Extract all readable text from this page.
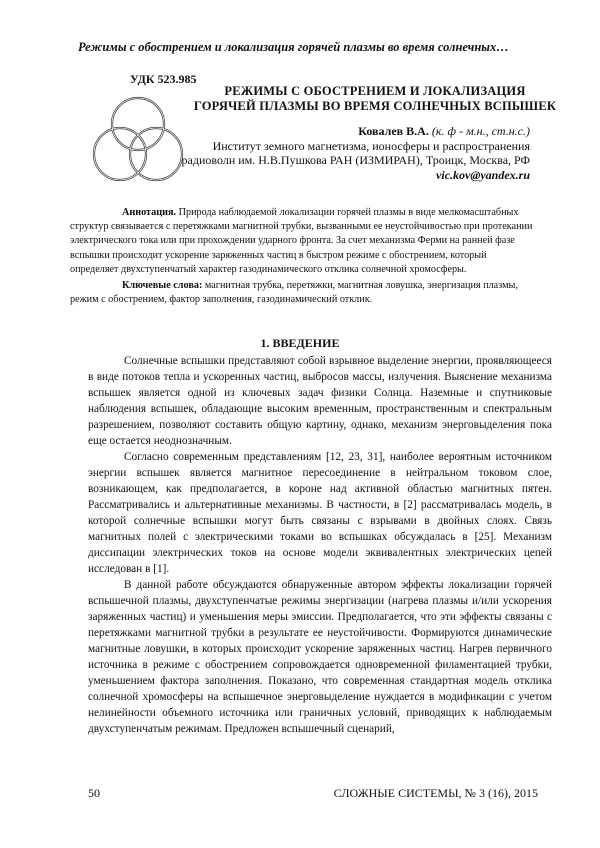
Режимы с обострением и локализация горячей плазмы во время солнечных…
УДК 523.985
РЕЖИМЫ С ОБОСТРЕНИЕМ И ЛОКАЛИЗАЦИЯ
ГОРЯЧЕЙ ПЛАЗМЫ ВО ВРЕМЯ СОЛНЕЧНЫХ ВСПЫШЕК
Ковалев В.А. (к. ф - м.н., ст.н.с.)
Институт земного магнетизма, ионосферы и распространения
радиоволн им. Н.В.Пушкова РАН (ИЗМИРАН), Троицк, Москва, РФ
vic.kov@yandex.ru

Аннотация. Природа наблюдаемой локализации горячей плазмы в виде мелкомасштабных структур связывается с перетяжками магнитной трубки, вызванными ее неустойчивостью при протекании электрического тока или при прохождении ударного фронта. За счет механизма Ферми на ранней фазе вспышки происходит ускорение заряженных частиц в быстром режиме с обострением, который определяет двухступенчатый характер газодинамического отклика солнечной хромосферы.

Ключевые слова: магнитная трубка, перетяжки, магнитная ловушка, энергизация плазмы, режим с обострением, фактор заполнения, газодинамический отклик.

1. ВВЕДЕНИЕ

Солнечные вспышки представляют собой взрывное выделение энергии, проявляющееся в виде потоков тепла и ускоренных частиц, выбросов массы, излучения. Выяснение механизма вспышек является одной из ключевых задач физики Солнца. Наземные и спутниковые наблюдения вспышек, обладающие высоким временным, пространственным и спектральным разрешением, позволяют составить общую картину, однако, механизм энерговыделения пока еще остается неоднозначным.

Согласно современным представлениям [12, 23, 31], наиболее вероятным источником энергии вспышек является магнитное пересоединение в нейтральном токовом слое, возникающем, как предполагается, в короне над активной областью магнитных пятен. Рассматривались и альтернативные механизмы. В частности, в [2] рассматривалась модель, в которой солнечные вспышки могут быть связаны с взрывами в двойных слоях. Связь магнитных полей с электрическими токами во вспышках обсуждалась в [25]. Механизм диссипации электрических токов на основе модели эквивалентных электрических цепей исследован в [1].

В данной работе обсуждаются обнаруженные автором эффекты локализации горячей вспышечной плазмы, двухступенчатые режимы энергизации (нагрева плазмы и/или ускорения заряженных частиц) и уменьшения меры эмиссии. Предполагается, что эти эффекты связаны с перетяжками магнитной трубки в результате ее неустойчивости. Формируются динамические магнитные ловушки, в которых происходит ускорение заряженных частиц. Нагрев первичного источника в режиме с обострением сопровождается одновременной филаментацией трубки, уменьшением фактора заполнения. Показано, что современная стандартная модель отклика солнечной хромосферы на вспышечное энерговыделение нуждается в модификации с учетом нелинейности объемного источника или граничных условий, приводящих к наблюдаемым двухступенчатым режимам. Предложен вспышечный сценарий,

50	СЛОЖНЫЕ СИСТЕМЫ, № 3 (16), 2015
